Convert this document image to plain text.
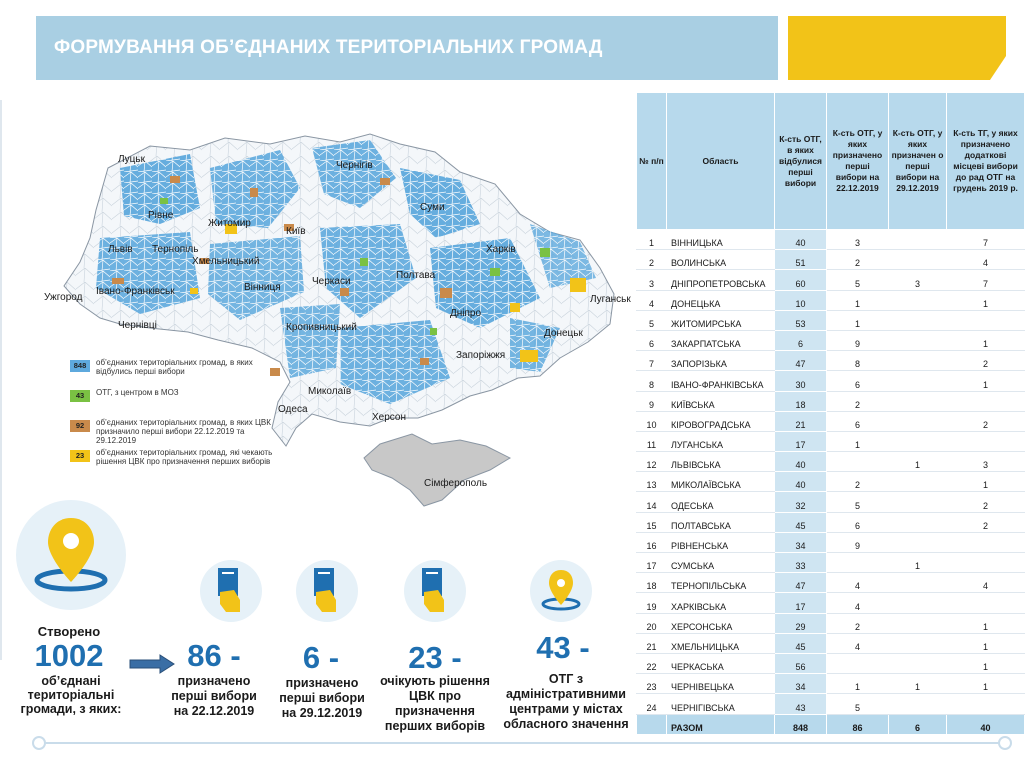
ФОРМУВАННЯ ОБ’ЄДНАНИХ ТЕРИТОРІАЛЬНИХ ГРОМАД
Луцьк
Рівне
Житомир
Чернігів
Суми
Львів Тернопіль
Хмельницький
Київ
Харків
Полтава
Ужгород
Івано-Франківськ	Вінниця
Черкаси
Луганськ
Чернівці
Дніпро
Кропивницький
Донецьк
Запоріжжя
Миколаїв
Одеса
Херсон
Сімферополь
848	об’єднаних територіальних громад, в яких відбулись перші вибори
43	ОТГ, з центром в МОЗ
92	об’єднаних територіальних громад, в яких ЦВК призначило перші вибори 22.12.2019 та 29.12.2019
23	об’єднаних територіальних громад, які чекають рішення ЦВК про призначення перших виборів
Створено
1002
об’єднані територіальні громади, з яких:
86 -
призначено перші вибори на 22.12.2019
6 -
призначено перші вибори на 29.12.2019
23 -
очікують рішення ЦВК про призначення перших виборів
43 -
ОТГ з адміністративними центрами у містах обласного значення
№ п/п	Область	К-сть ОТГ, в яких відбулися перші вибори	К-сть ОТГ, у яких призначено перші вибори на 22.12.2019	К-сть ОТГ, у яких призначен о перші вибори на 29.12.2019	К-сть ТГ, у яких призначено додаткові місцеві вибори до рад ОТГ на грудень 2019 р.
1	ВІННИЦЬКА	40	3		7
2	ВОЛИНСЬКА	51	2		4
3	ДНІПРОПЕТРОВСЬКА	60	5	3	7
4	ДОНЕЦЬКА	10	1		1
5	ЖИТОМИРСЬКА	53	1		
6	ЗАКАРПАТСЬКА	6	9		1
7	ЗАПОРІЗЬКА	47	8		2
8	ІВАНО-ФРАНКІВСЬКА	30	6		1
9	КИЇВСЬКА	18	2		
10	КІРОВОГРАДСЬКА	21	6		2
11	ЛУГАНСЬКА	17	1		
12	ЛЬВІВСЬКА	40		1	3
13	МИКОЛАЇВСЬКА	40	2		1
14	ОДЕСЬКА	32	5		2
15	ПОЛТАВСЬКА	45	6		2
16	РІВНЕНСЬКА	34	9		
17	СУМСЬКА	33		1	
18	ТЕРНОПІЛЬСЬКА	47	4		4
19	ХАРКІВСЬКА	17	4		
20	ХЕРСОНСЬКА	29	2		1
21	ХМЕЛЬНИЦЬКА	45	4		1
22	ЧЕРКАСЬКА	56			1
23	ЧЕРНІВЕЦЬКА	34	1	1	1
24	ЧЕРНІГІВСЬКА	43	5		
	РАЗОМ	848	86	6	40
